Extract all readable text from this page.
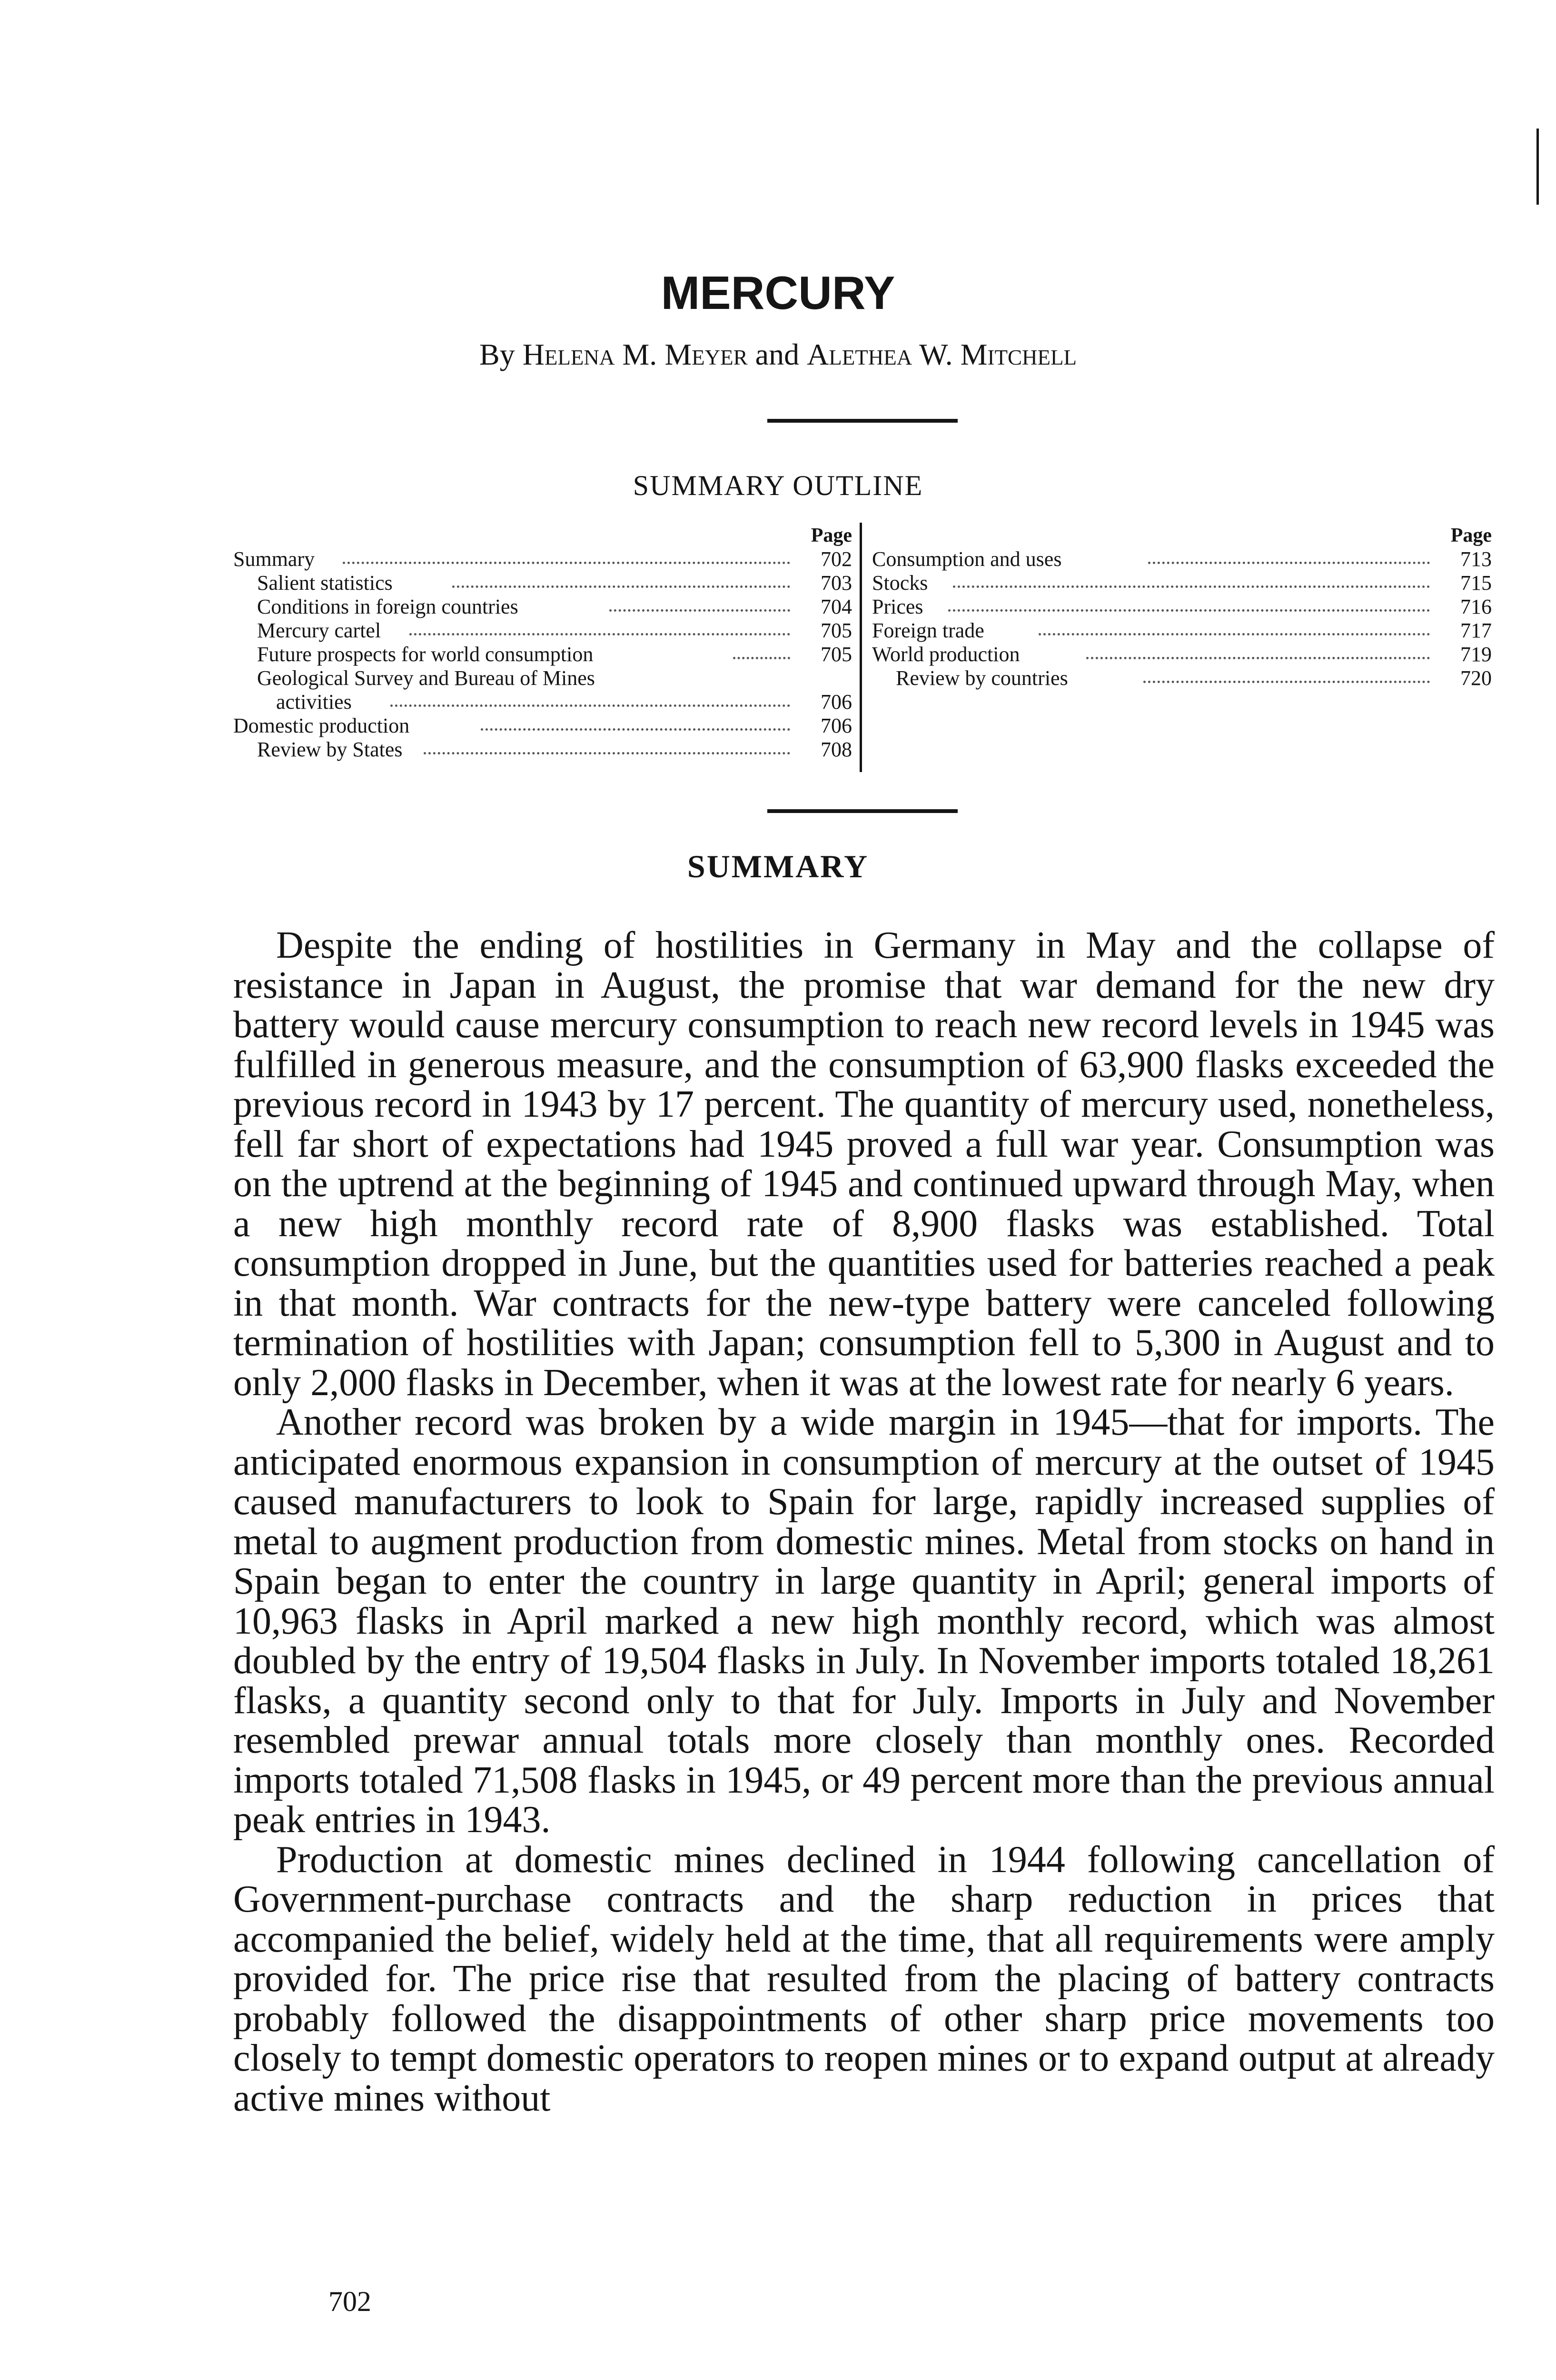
MERCURY
By Helena M. Meyer and Alethea W. Mitchell
SUMMARY OUTLINE
Page
Summary	702
Salient statistics	703
Conditions in foreign countries	704
Mercury cartel	705
Future prospects for world consumption	705
Geological Survey and Bureau of Mines
activities	706
Domestic production	706
Review by States	708
Page
Consumption and uses	713
Stocks	715
Prices	716
Foreign trade	717
World production	719
Review by countries	720
SUMMARY

Despite the ending of hostilities in Germany in May and the collapse of resistance in Japan in August, the promise that war demand for the new dry battery would cause mercury consumption to reach new record levels in 1945 was fulfilled in generous measure, and the consumption of 63,900 flasks exceeded the previous record in 1943 by 17 percent. The quantity of mercury used, nonetheless, fell far short of expectations had 1945 proved a full war year. Consumption was on the uptrend at the beginning of 1945 and continued upward through May, when a new high monthly record rate of 8,900 flasks was established. Total consumption dropped in June, but the quantities used for batteries reached a peak in that month. War contracts for the new-type battery were canceled following termination of hostilities with Japan; consumption fell to 5,300 in August and to only 2,000 flasks in December, when it was at the lowest rate for nearly 6 years.

Another record was broken by a wide margin in 1945—that for imports. The anticipated enormous expansion in consumption of mercury at the outset of 1945 caused manufacturers to look to Spain for large, rapidly increased supplies of metal to augment production from domestic mines. Metal from stocks on hand in Spain began to enter the country in large quantity in April; general imports of 10,963 flasks in April marked a new high monthly record, which was almost doubled by the entry of 19,504 flasks in July. In November imports totaled 18,261 flasks, a quantity second only to that for July. Imports in July and November resembled prewar annual totals more closely than monthly ones. Recorded imports totaled 71,508 flasks in 1945, or 49 percent more than the previous annual peak entries in 1943.

Production at domestic mines declined in 1944 following cancellation of Government-purchase contracts and the sharp reduction in prices that accompanied the belief, widely held at the time, that all requirements were amply provided for. The price rise that resulted from the placing of battery contracts probably followed the disappointments of other sharp price movements too closely to tempt domestic operators to reopen mines or to expand output at already active mines without

702
